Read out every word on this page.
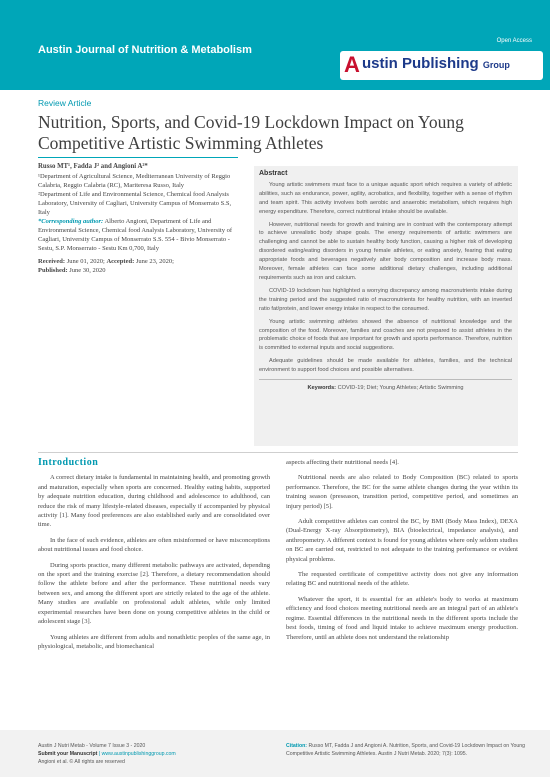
Open Access
Austin Journal of Nutrition & Metabolism
A ustin Publishing Group
Review Article
Nutrition, Sports, and Covid-19 Lockdown Impact on Young Competitive Artistic Swimming Athletes
Russo MT¹, Fadda J² and Angioni A²*
¹Department of Agricultural Science, Mediterranean University of Reggio Calabria, Reggio Calabria (RC), Mariteresa Russo, Italy
²Department of Life and Environmental Science, Chemical food Analysis Laboratory, University of Cagliari, University Campus of Monserrato S.S, Italy
*Corresponding author: Alberto Angioni, Department of Life and Environmental Science, Chemical food Analysis Laboratory, University of Cagliari, University Campus of Monserrato S.S. 554 - Bivio Monserrato - Sestu, S.P. Monserrato - Sestu Km 0,700, Italy
Received: June 01, 2020; Accepted: June 23, 2020;
Published: June 30, 2020
Abstract

Young artistic swimmers must face to a unique aquatic sport which requires a variety of athletic abilities, such as endurance, power, agility, acrobatics, and flexibility, together with a sense of rhythm and team spirit. This activity involves both aerobic and anaerobic metabolism, which requires high energy expenditure. Therefore, correct nutritional intake should be available.

However, nutritional needs for growth and training are in contrast with the contemporary attempt to achieve unrealistic body shape goals. The energy requirements of artistic swimmers are challenging and cannot be able to sustain healthy body function, causing a higher risk of developing disordered eating/eating disorders in young female athletes, or eating anxiety, fearing that eating appropriate foods and beverages negatively alter body composition and increase body mass. Moreover, female athletes can face some additional dietary challenges, including additional requirements such as iron and calcium.

COVID-19 lockdown has highlighted a worrying discrepancy among macronutrients intake during the training period and the suggested ratio of macronutrients for healthy nutrition, with an inverted ratio fat/protein, and lower energy intake in respect to the consumed.

Young artistic swimming athletes showed the absence of nutritional knowledge and the composition of the food. Moreover, families and coaches are not prepared to assist athletes in the problematic choice of foods that are important for growth and sports performance. Therefore, nutrition is committed to external inputs and social suggestions.

Adequate guidelines should be made available for athletes, families, and the technical environment to support food choices and possible alternatives.

Keywords: COVID-19; Diet; Young Athletes; Artistic Swimming
Introduction

A correct dietary intake is fundamental in maintaining health, and promoting growth and maturation, especially when sports are concerned. Healthy eating habits, supported by adequate nutrition education, during childhood and adolescence to adulthood, can reduce the risk of many lifestyle-related diseases, especially if accompanied by physical activity [1]. Many food preferences are also established early and are consolidated over time.

In the face of such evidence, athletes are often misinformed or have misconceptions about nutritional issues and food choice.

During sports practice, many different metabolic pathways are activated, depending on the sport and the training exercise [2]. Therefore, a dietary recommendation should follow the athlete before and after the performance. These nutritional needs vary between sex, and among the different sport are strictly related to the age of the athlete. Many studies are available on professional adult athletes, while only limited experimental researches have been done on young competitive athletes in the child or adolescent stage [3].

Young athletes are different from adults and nonathletic peoples of the same age, in physiological, metabolic, and biomechanical

aspects affecting their nutritional needs [4].

Nutritional needs are also related to Body Composition (BC) related to sports performance. Therefore, the BC for the same athlete changes during the year within its training season (preseason, transition period, competitive period, and sometimes an injury period) [5].

Adult competitive athletes can control the BC, by BMI (Body Mass Index), DEXA (Dual-Energy X-ray Absorptiometry), BIA (bioelectrical, impedance analysis), and anthropometry. A different context is found for young athletes where only seldom studies on BC are carried out, restricted to not adequate to the training performance or evident physical problems.

The requested certificate of competitive activity does not give any information relating BC and nutritional needs of the athlete.

Whatever the sport, it is essential for an athlete's body to works at maximum efficiency and food choices meeting nutritional needs are an integral part of an athlete's regime. Essential differences in the nutritional needs in the different sports include the best foods, timing of food and liquid intake to achieve maximum energy production. Therefore, until an athlete does not understand the relationship

Austin J Nutri Metab - Volume 7 Issue 3 - 2020
Submit your Manuscript | www.austinpublishinggroup.com
Angioni et al. © All rights are reserved
Citation: Russo MT, Fadda J and Angioni A. Nutrition, Sports, and Covid-19 Lockdown Impact on Young Competitive Artistic Swimming Athletes. Austin J Nutri Metab. 2020; 7(3): 1095.
